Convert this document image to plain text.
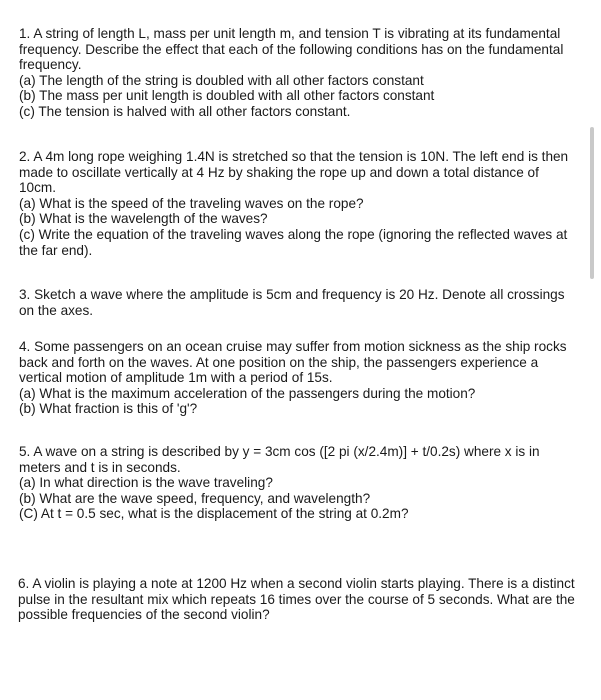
1. A string of length L, mass per unit length m, and tension T is vibrating at its fundamental frequency. Describe the effect that each of the following conditions has on the fundamental frequency.

(a) The length of the string is doubled with all other factors constant

(b) The mass per unit length is doubled with all other factors constant

(c) The tension is halved with all other factors constant.

2. A 4m long rope weighing 1.4N is stretched so that the tension is 10N. The left end is then made to oscillate vertically at 4 Hz by shaking the rope up and down a total distance of 10cm.

(a) What is the speed of the traveling waves on the rope?

(b) What is the wavelength of the waves?

(c) Write the equation of the traveling waves along the rope (ignoring the reflected waves at the far end).

3. Sketch a wave where the amplitude is 5cm and frequency is 20 Hz. Denote all crossings on the axes.

4. Some passengers on an ocean cruise may suffer from motion sickness as the ship rocks back and forth on the waves. At one position on the ship, the passengers experience a vertical motion of amplitude 1m with a period of 15s.

(a) What is the maximum acceleration of the passengers during the motion?

(b) What fraction is this of 'g'?

5. A wave on a string is described by y = 3cm cos ([2 pi (x/2.4m)] + t/0.2s) where x is in meters and t is in seconds.

(a) In what direction is the wave traveling?

(b) What are the wave speed, frequency, and wavelength?

(C) At t = 0.5 sec, what is the displacement of the string at 0.2m?

6. A violin is playing a note at 1200 Hz when a second violin starts playing. There is a distinct pulse in the resultant mix which repeats 16 times over the course of 5 seconds. What are the possible frequencies of the second violin?
